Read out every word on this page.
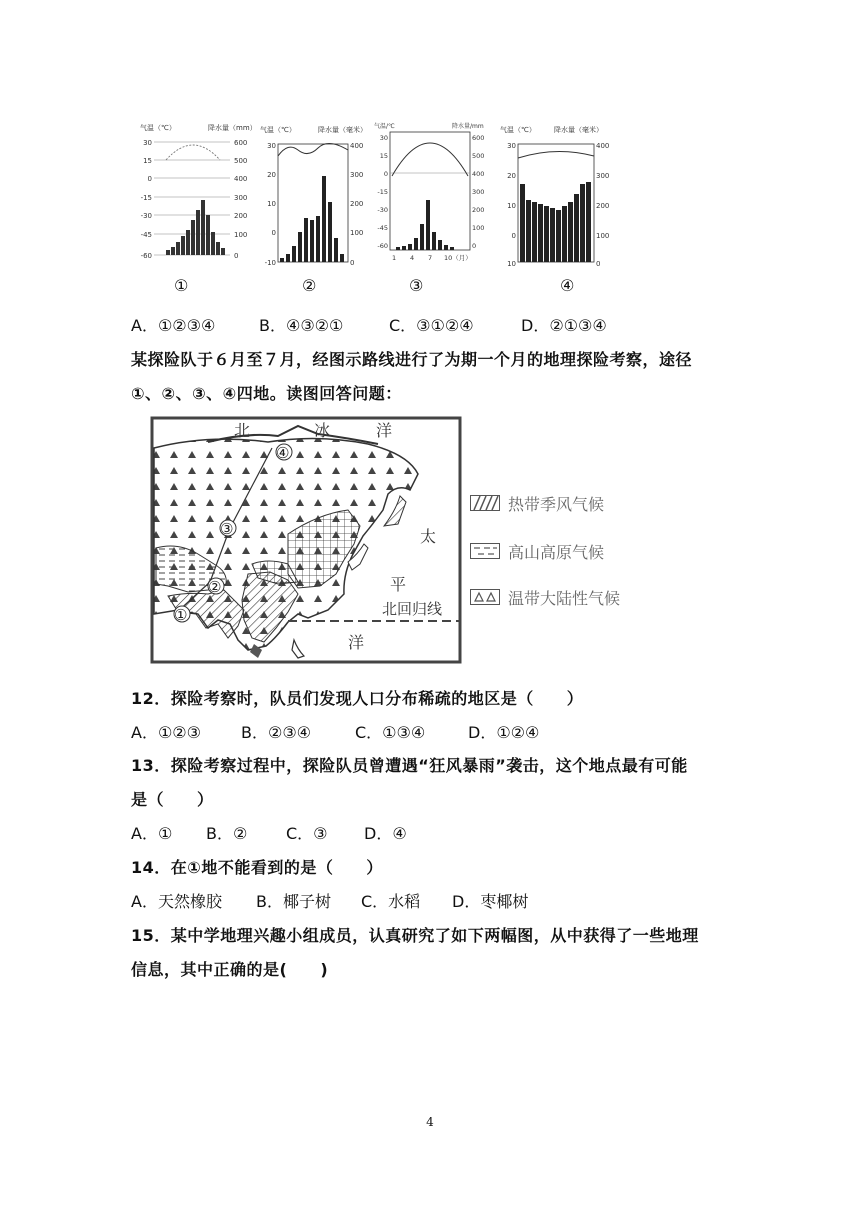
气温（℃）	降水量（mm）
30
15
0
-15
-30
-45
-60
600
500
400
300
200
100
0
气温（℃）	降水量（毫米）
30
20
10
0
-10
400
300
200
100
0
气温/℃	降水量/mm
30
15
0
-15
-30
-45
-60
600
500
400
300
200
100
0
1 4 7 10（月）
气温（℃）	降水量（毫米）
30
20
10
0
10
400
300
200
100
0
①	②	③	④
A．①②③④	B．④③②①	C．③①②④	D．②①③④
某探险队于６月至７月，经图示路线进行了为期一个月的地理探险考察，途径
①、②、③、④四地。读图回答问题：
北	冰	洋
太
平
洋
北回归线
①
②
③
④
热带季风气候
高山高原气候
温带大陆性气候
12．探险考察时，队员们发现人口分布稀疏的地区是（　　）
A．①②③	B．②③④	C．①③④	D．①②④
13．探险考察过程中，探险队员曾遭遇“狂风暴雨”袭击，这个地点最有可能
是（　　）
A．① B．② C．③ D．④
14．在①地不能看到的是（　　）
A．天然橡胶 B．椰子树 C．水稻 D．枣椰树
15．某中学地理兴趣小组成员，认真研究了如下两幅图，从中获得了一些地理
信息，其中正确的是(　　)
4
